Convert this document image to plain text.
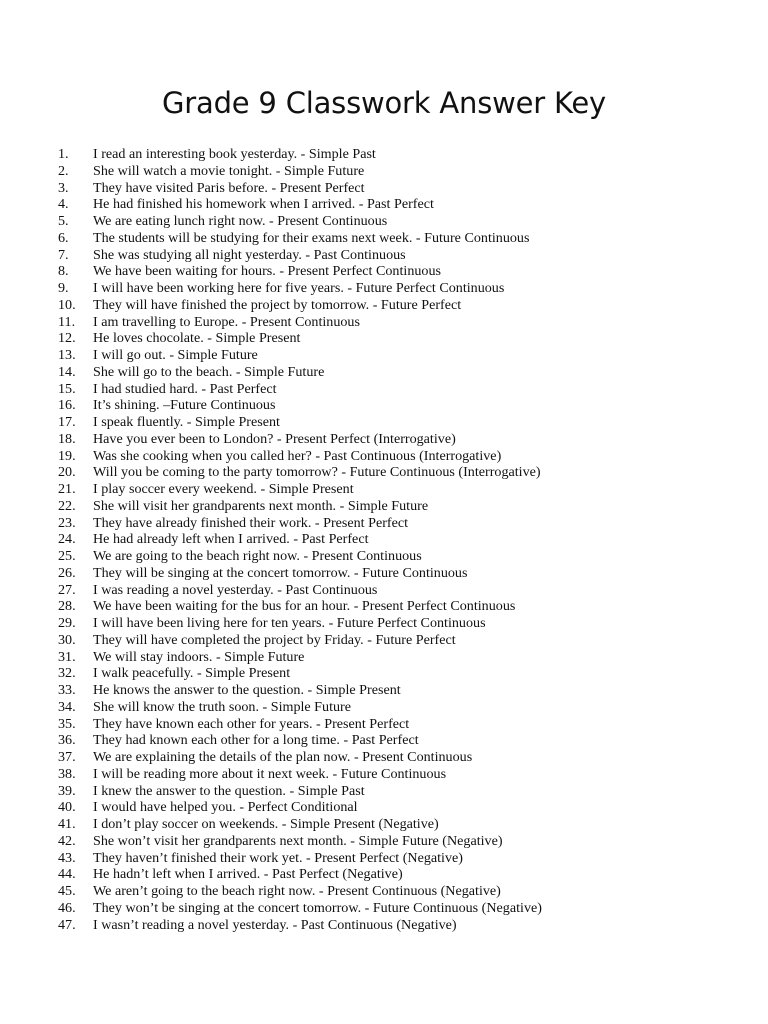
Grade 9 Classwork Answer Key
1.	I read an interesting book yesterday. - Simple Past
2.	She will watch a movie tonight. - Simple Future
3.	They have visited Paris before. - Present Perfect
4.	He had finished his homework when I arrived. - Past Perfect
5.	We are eating lunch right now. - Present Continuous
6.	The students will be studying for their exams next week. - Future Continuous
7.	She was studying all night yesterday. - Past Continuous
8.	We have been waiting for hours. - Present Perfect Continuous
9.	I will have been working here for five years. - Future Perfect Continuous
10.	They will have finished the project by tomorrow. - Future Perfect
11.	I am travelling to Europe. - Present Continuous
12.	He loves chocolate. - Simple Present
13.	I will go out. - Simple Future
14.	She will go to the beach. - Simple Future
15.	I had studied hard. - Past Perfect
16.	It’s shining. –Future Continuous
17.	I speak fluently. - Simple Present
18.	Have you ever been to London? - Present Perfect (Interrogative)
19.	Was she cooking when you called her? - Past Continuous (Interrogative)
20.	Will you be coming to the party tomorrow? - Future Continuous (Interrogative)
21.	I play soccer every weekend. - Simple Present
22.	She will visit her grandparents next month. - Simple Future
23.	They have already finished their work. - Present Perfect
24.	He had already left when I arrived. - Past Perfect
25.	We are going to the beach right now. - Present Continuous
26.	They will be singing at the concert tomorrow. - Future Continuous
27.	I was reading a novel yesterday. - Past Continuous
28.	We have been waiting for the bus for an hour. - Present Perfect Continuous
29.	I will have been living here for ten years. - Future Perfect Continuous
30.	They will have completed the project by Friday. - Future Perfect
31.	We will stay indoors. - Simple Future
32.	I walk peacefully. - Simple Present
33.	He knows the answer to the question. - Simple Present
34.	She will know the truth soon. - Simple Future
35.	They have known each other for years. - Present Perfect
36.	They had known each other for a long time. - Past Perfect
37.	We are explaining the details of the plan now. - Present Continuous
38.	I will be reading more about it next week. - Future Continuous
39.	I knew the answer to the question. - Simple Past
40.	I would have helped you. - Perfect Conditional
41.	I don’t play soccer on weekends. - Simple Present (Negative)
42.	She won’t visit her grandparents next month. - Simple Future (Negative)
43.	They haven’t finished their work yet. - Present Perfect (Negative)
44.	He hadn’t left when I arrived. - Past Perfect (Negative)
45.	We aren’t going to the beach right now. - Present Continuous (Negative)
46.	They won’t be singing at the concert tomorrow. - Future Continuous (Negative)
47.	I wasn’t reading a novel yesterday. - Past Continuous (Negative)
